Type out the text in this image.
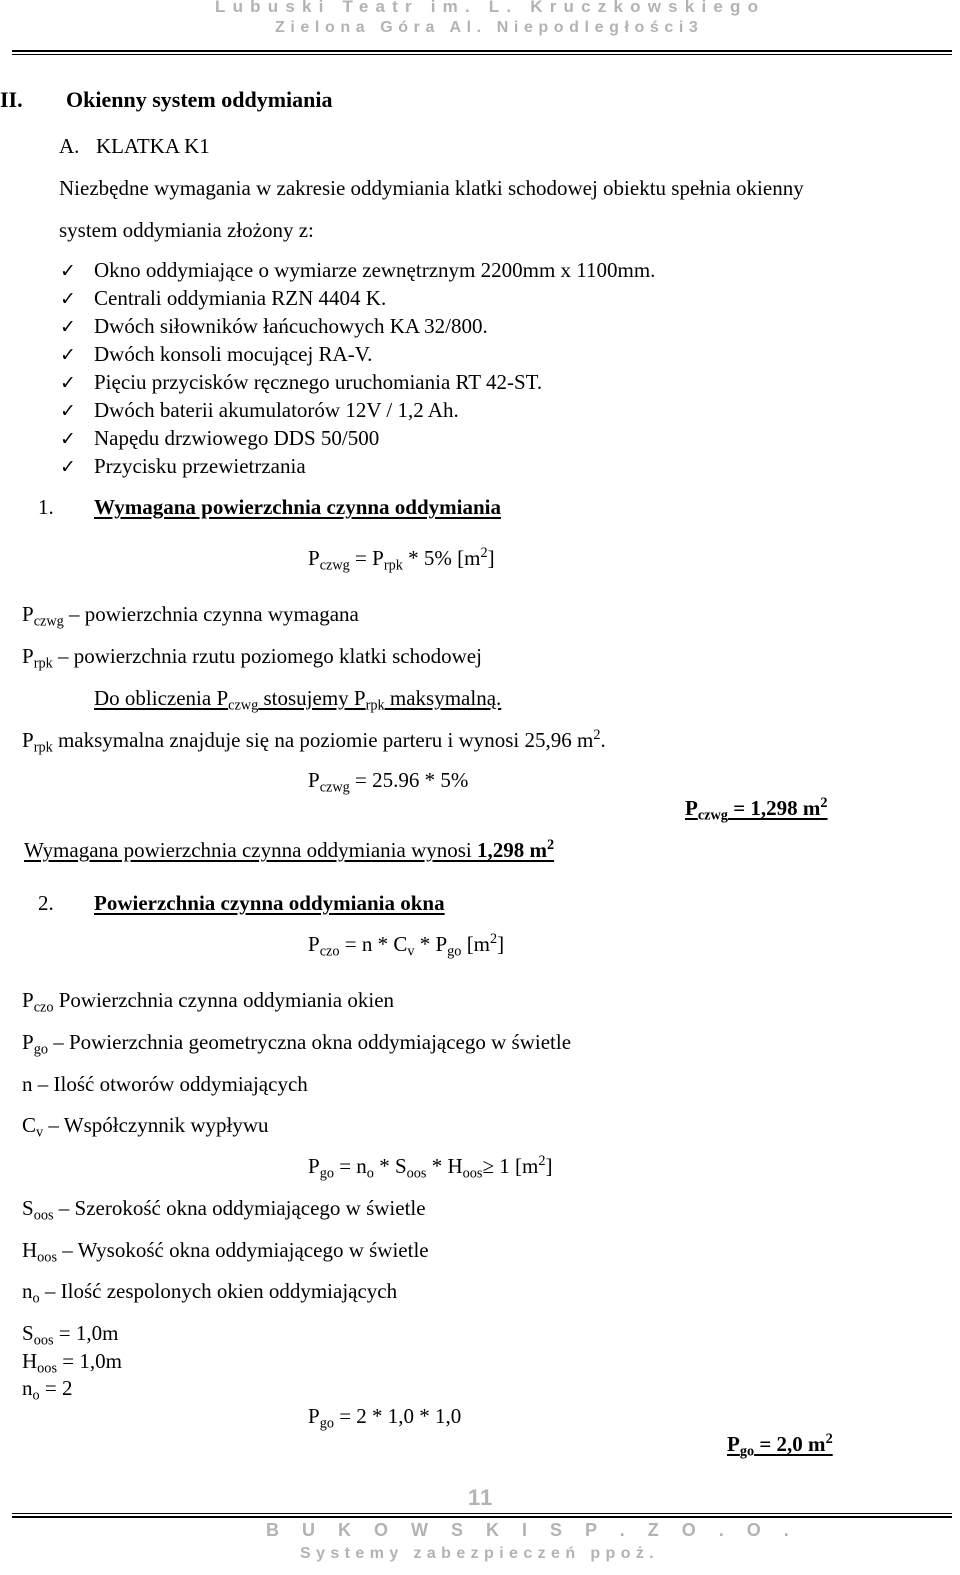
Lubuski Teatr im. L. Kruczkowskiego
Zielona Góra Al. Niepodległości3
II. Okienny system oddymiania
A. KLATKA K1
Niezbędne wymagania w zakresie oddymiania klatki schodowej obiektu spełnia okienny
system oddymiania złożony z:
✓ Okno oddymiające o wymiarze zewnętrznym 2200mm x 1100mm.
✓ Centrali oddymiania RZN 4404 K.
✓ Dwóch siłowników łańcuchowych KA 32/800.
✓ Dwóch konsoli mocującej RA-V.
✓ Pięciu przycisków ręcznego uruchomiania RT 42-ST.
✓ Dwóch baterii akumulatorów 12V / 1,2 Ah.
✓ Napędu drzwiowego DDS 50/500
✓ Przycisku przewietrzania
1. Wymagana powierzchnia czynna oddymiania
$P_{czwg} = P_{rpk} * 5\%$ $[m^2]$
$P_{czwg}$ – powierzchnia czynna wymagana
$P_{rpk}$ – powierzchnia rzutu poziomego klatki schodowej
Do obliczenia $P_{czwg}$ stosujemy $P_{rpk}$ maksymalną.
$P_{rpk}$ maksymalna znajduje się na poziomie parteru i wynosi 25,96 $m^2$.
$P_{czwg} = 25.96 * 5\%$
$P_{czwg} = 1,298$ $m^2$
Wymagana powierzchnia czynna oddymiania wynosi 1,298 $m^2$
2. Powierzchnia czynna oddymiania okna
$P_{czo} = n * C_v * P_{go}$ $[m^2]$
$P_{czo}$ Powierzchnia czynna oddymiania okien
$P_{go}$ – Powierzchnia geometryczna okna oddymiającego w świetle
n – Ilość otworów oddymiających
$C_v$ – Współczynnik wypływu
$P_{go} = n_o * S_{oos} * H_{oos}\ge 1$ $[m^2]$
$S_{oos}$ – Szerokość okna oddymiającego w świetle
$H_{oos}$ – Wysokość okna oddymiającego w świetle
$n_o$ – Ilość zespolonych okien oddymiających
$S_{oos} = 1,0m$
$H_{oos} = 1,0m$
$n_o = 2$
$P_{go} = 2 * 1,0 * 1,0$
$P_{go} = 2,0$ $m^2$
11
B U K O W S K I S P . Z O . O .
Systemy zabezpieczeń ppoż.
